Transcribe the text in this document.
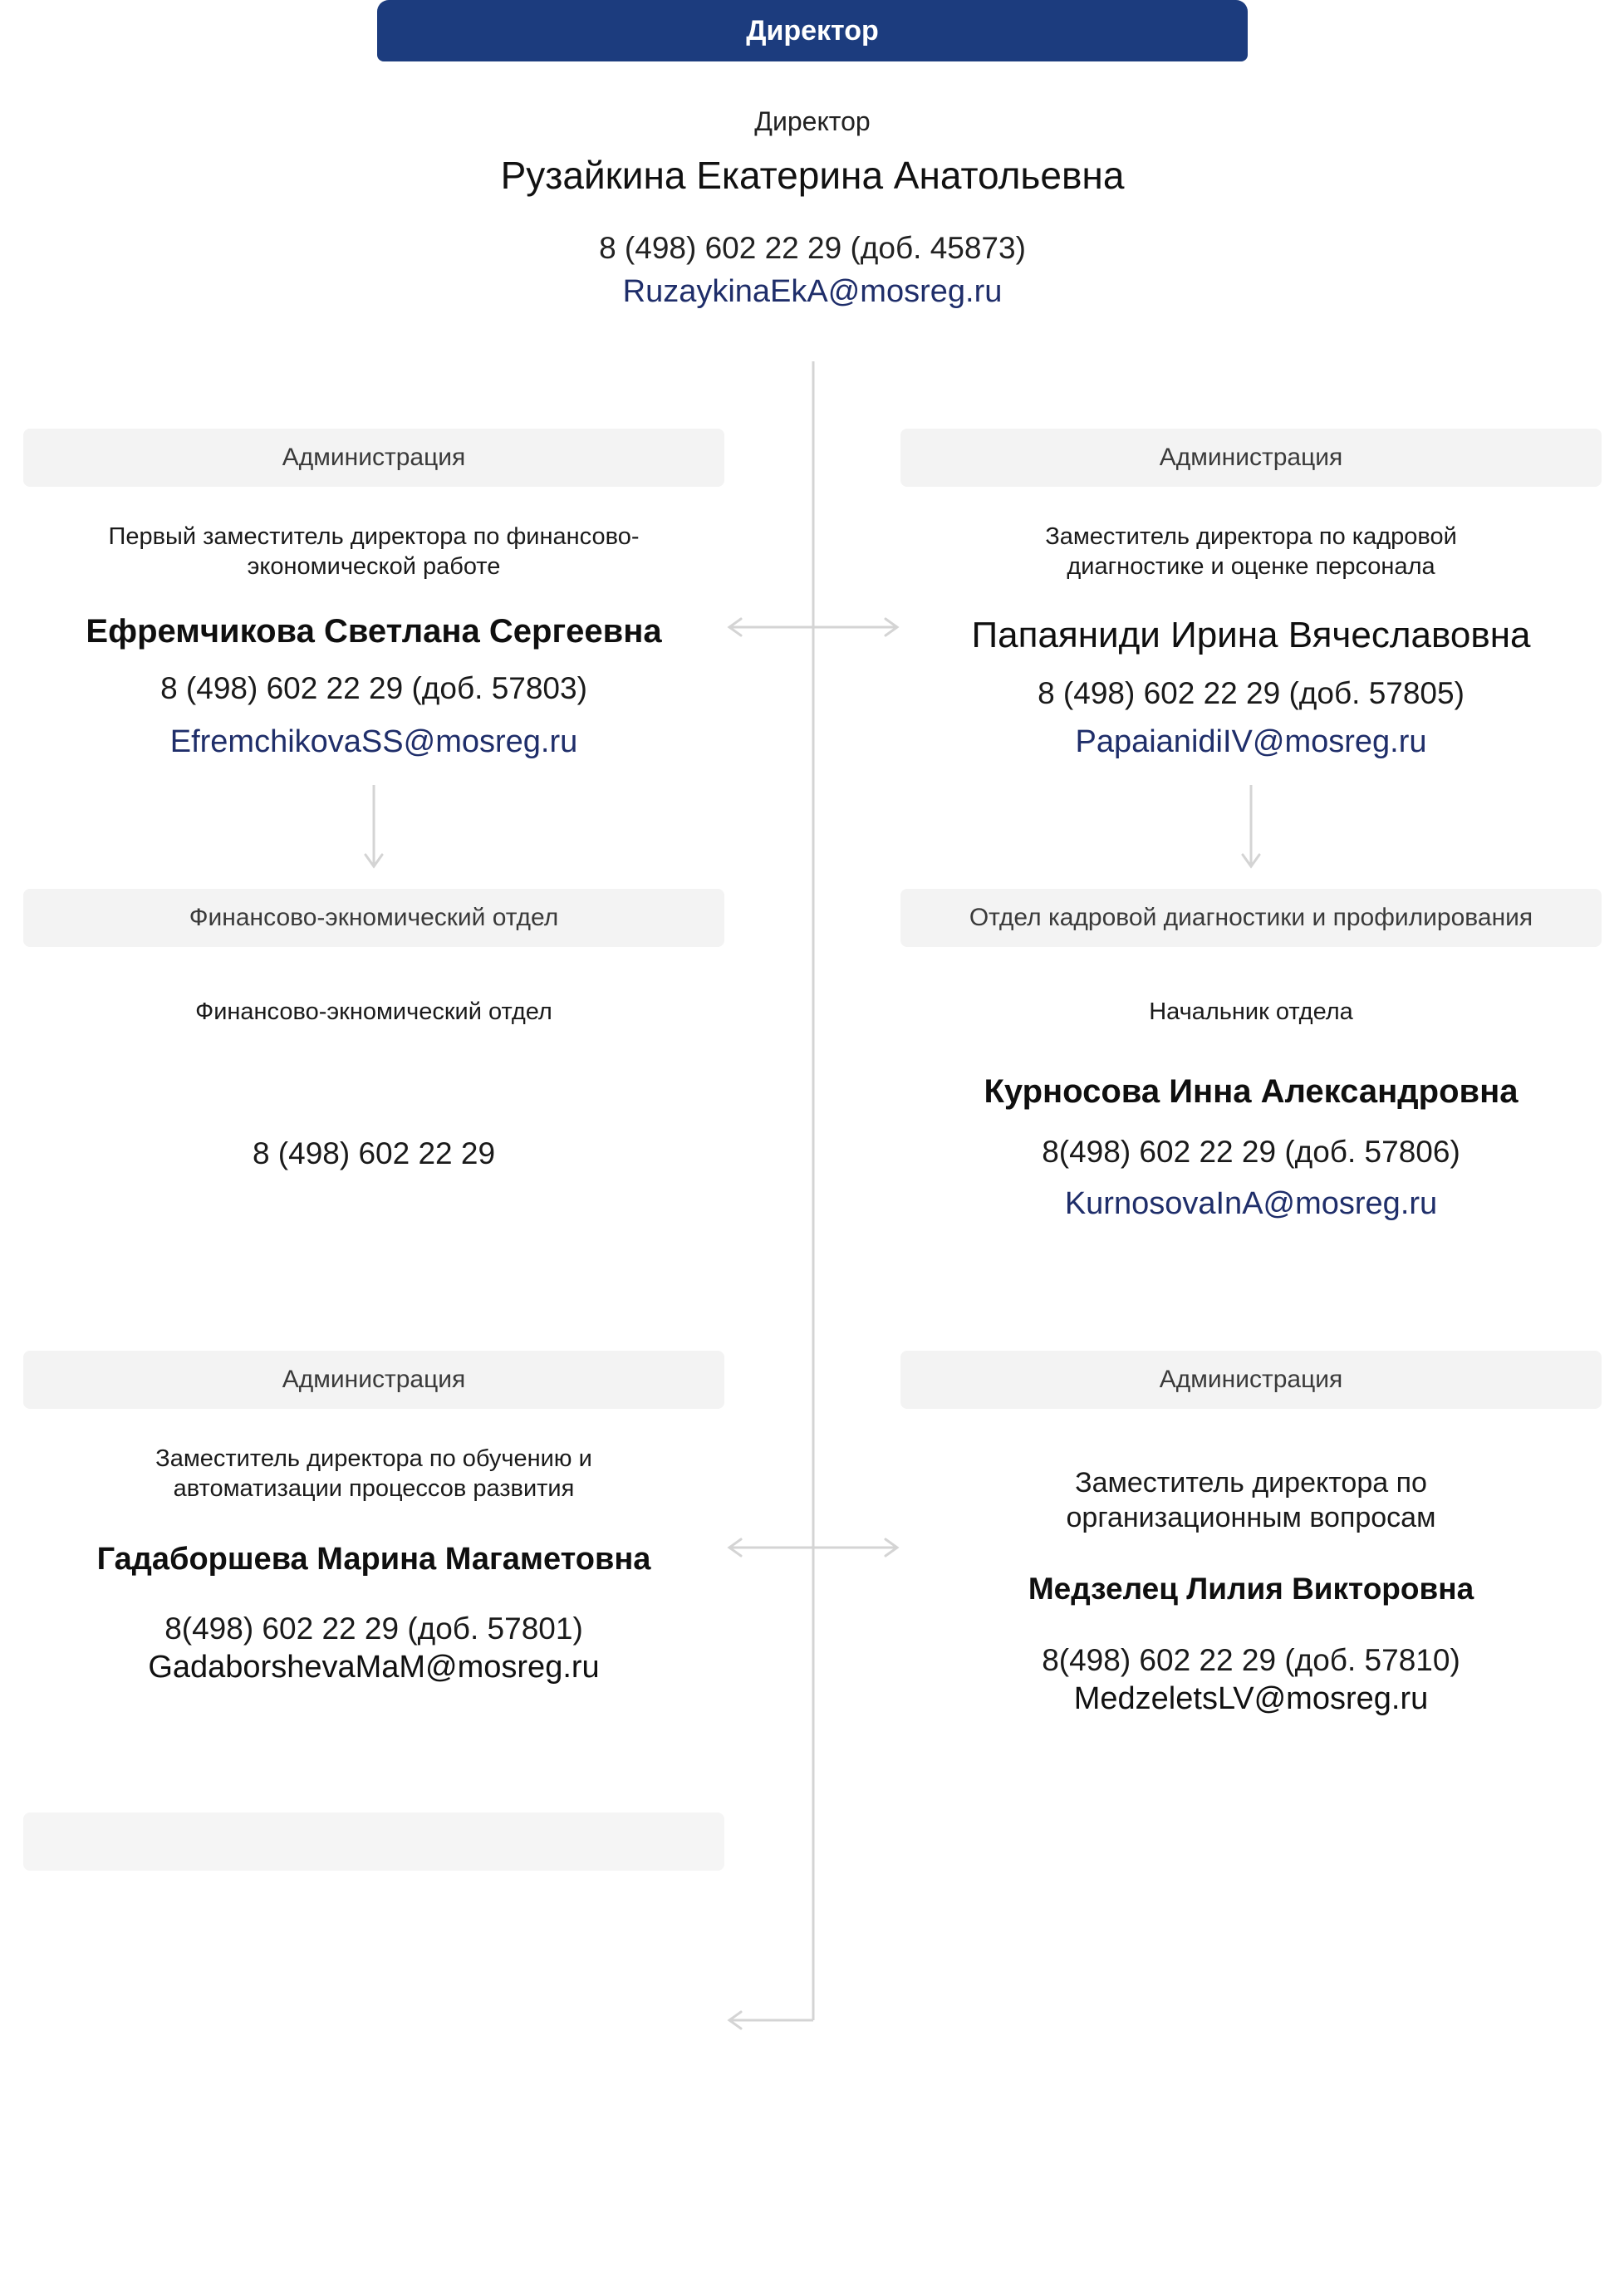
Директор
Директор
Рузайкина Екатерина Анатольевна
8 (498) 602 22 29 (доб. 45873)
RuzaykinaEkA@mosreg.ru
Администрация
Первый заместитель директора по финансово-экономической работе
Ефремчикова Светлана Сергеевна
8 (498) 602 22 29 (доб. 57803)
EfremchikovaSS@mosreg.ru
Администрация
Заместитель директора по кадровой диагностике и оценке персонала
Папаяниди Ирина Вячеславовна
8 (498) 602 22 29 (доб. 57805)
PapaianidiIV@mosreg.ru
Финансово-экномический отдел
Финансово-экномический отдел
8 (498) 602 22 29
Отдел кадровой диагностики и профилирования
Начальник отдела
Курносова Инна Александровна
8(498) 602 22 29 (доб. 57806)
KurnosovaInA@mosreg.ru
Администрация
Заместитель директора по обучению и автоматизации процессов развития
Гадаборшева Марина Магаметовна
8(498) 602 22 29 (доб. 57801)
GadaborshevaMaM@mosreg.ru
Администрация
Заместитель директора по организационным вопросам
Медзелец Лилия Викторовна
8(498) 602 22 29 (доб. 57810)
MedzeletsLV@mosreg.ru
